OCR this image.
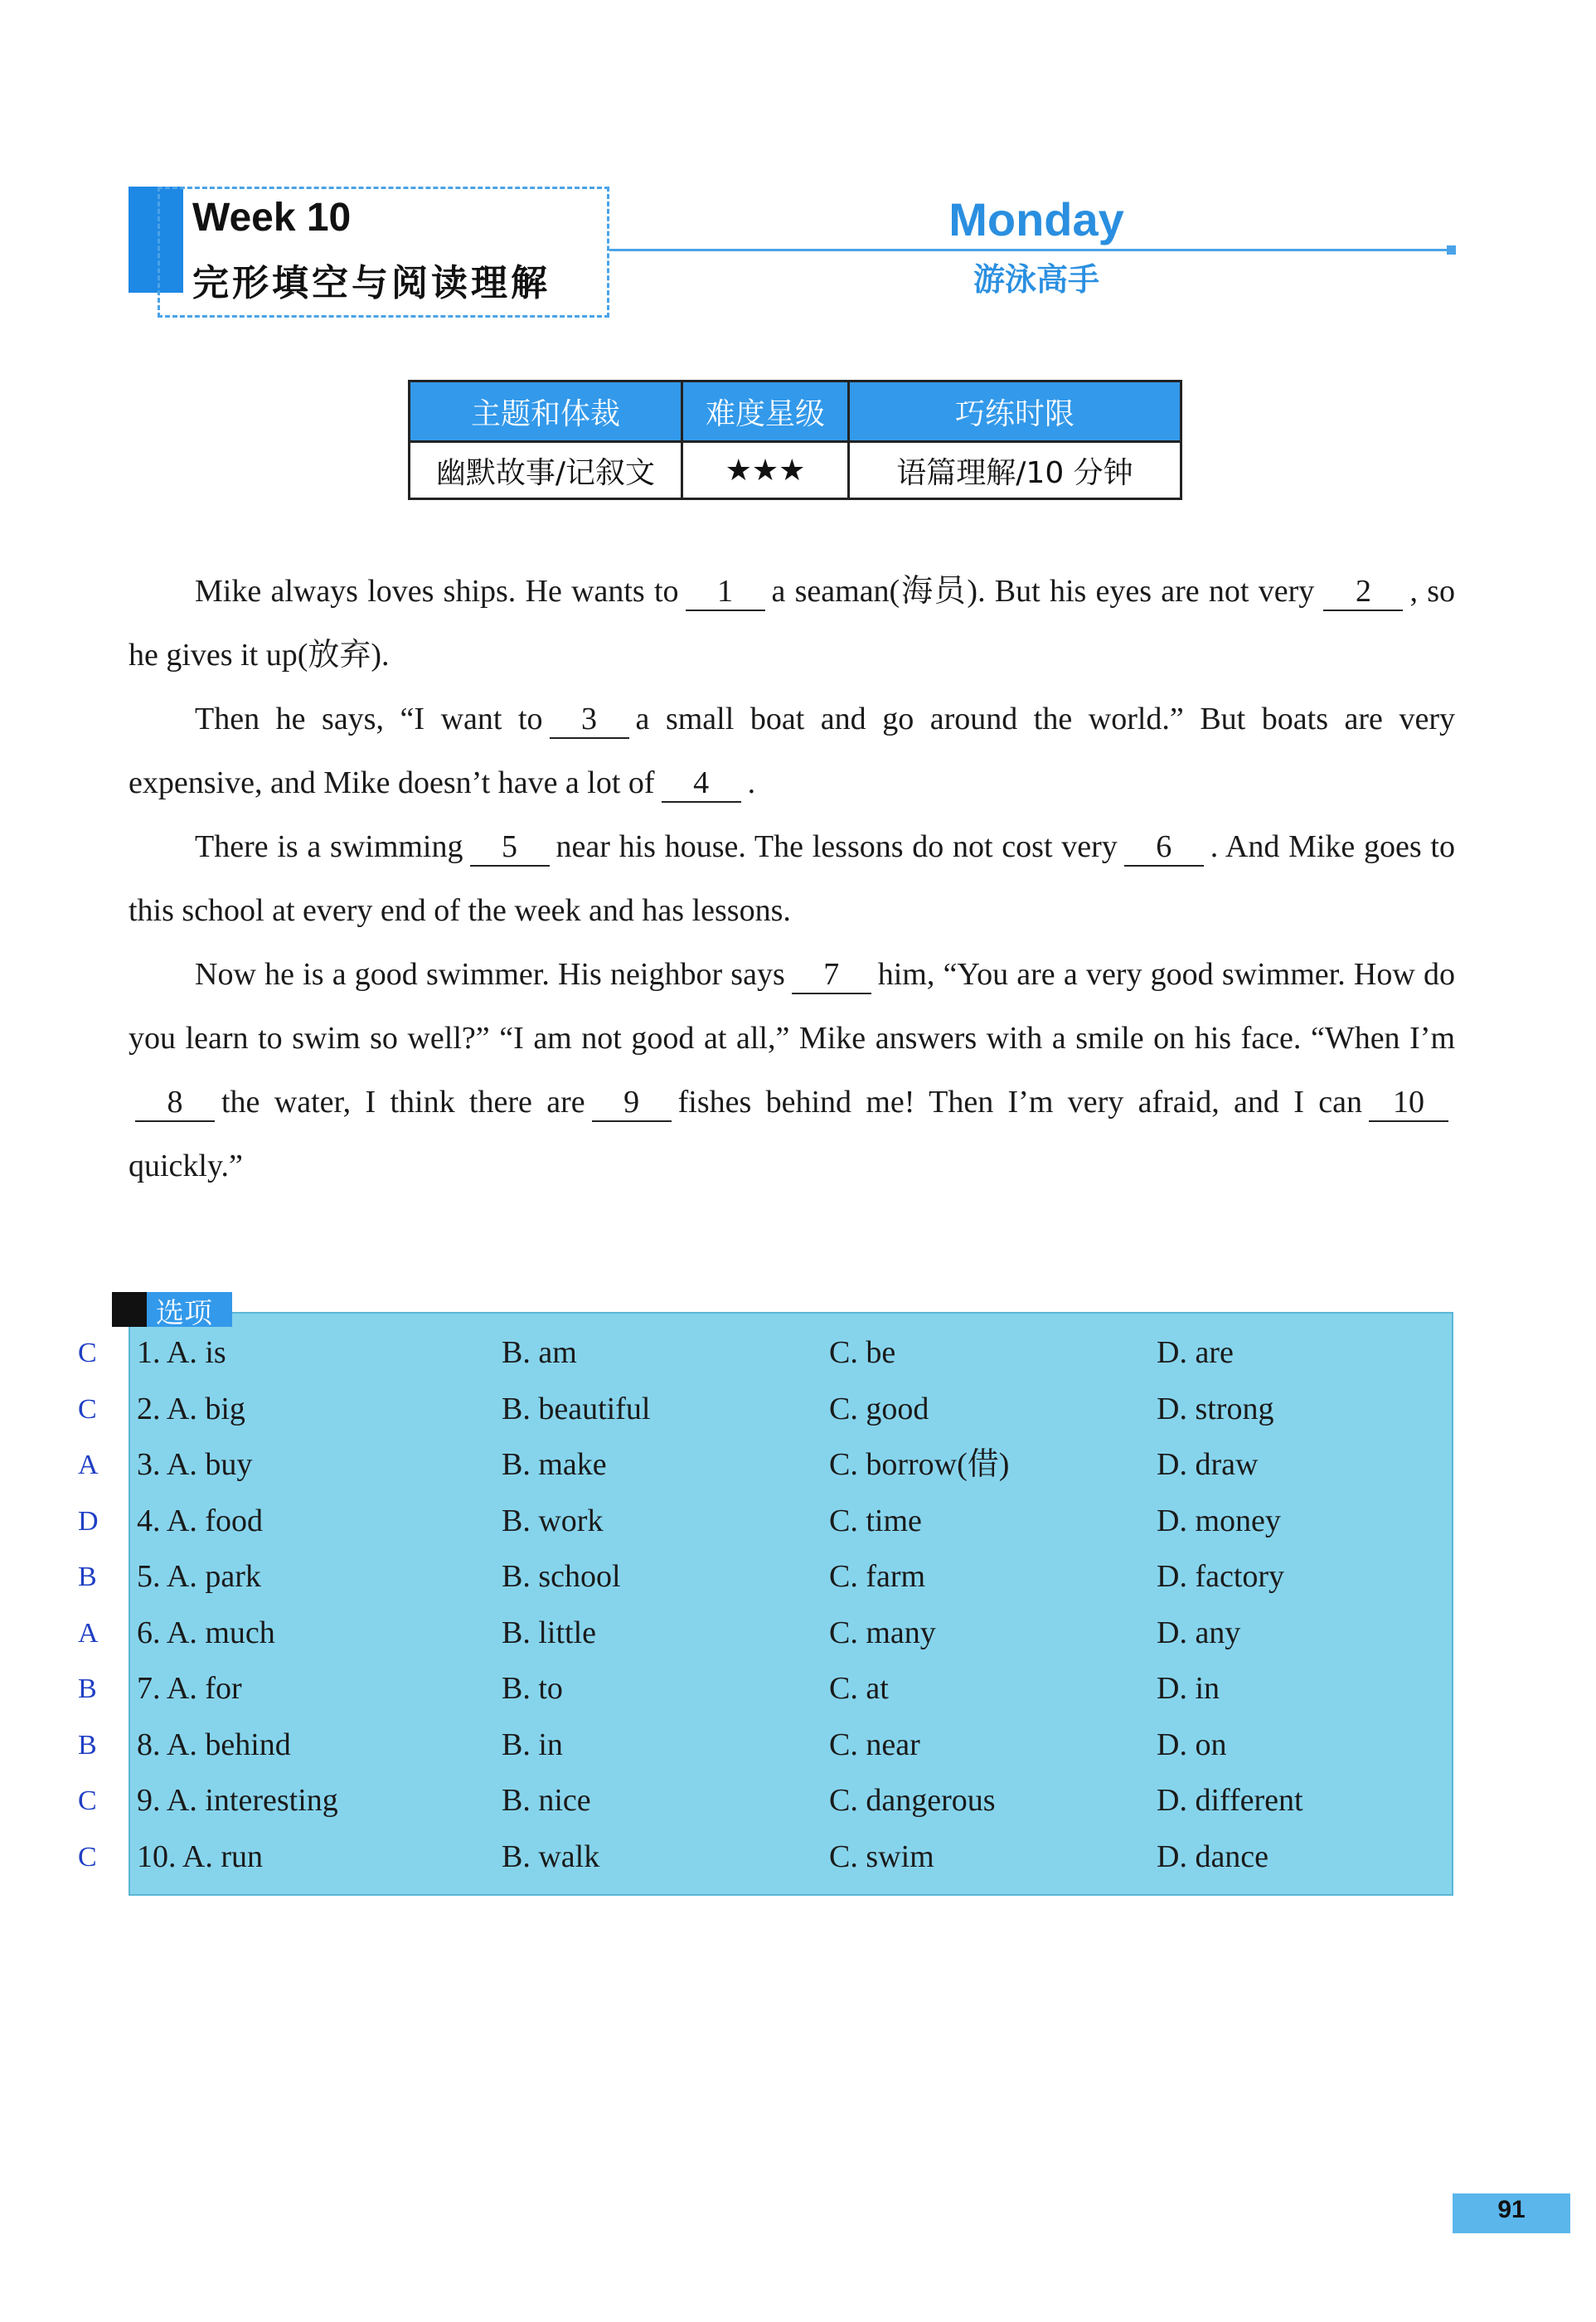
Week 10
完形填空与阅读理解
Monday
游泳高手
主题和体裁	难度星级	巧练时限
幽默故事/记叙文	★★★	语篇理解/10 分钟

Mike always loves ships. He wants to 1 a seaman(海员). But his eyes are not very 2 , so he gives it up(放弃).

Then he says, “I want to 3 a small boat and go around the world.” But boats are very expensive, and Mike doesn’t have a lot of 4 .

There is a swimming 5 near his house. The lessons do not cost very 6 . And Mike goes to this school at every end of the week and has lessons.

Now he is a good swimmer. His neighbor says 7 him, “You are a very good swimmer. How do you learn to swim so well?” “I am not good at all,” Mike answers with a smile on his face. “When I’m8 the water, I think there are 9 fishes behind me! Then I’m very afraid, and I can 10quickly.”

选项
C 1. A. is	B. am	C. be	D. are
C 2. A. big	B. beautiful	C. good	D. strong
A 3. A. buy	B. make	C. borrow(借)	D. draw
D 4. A. food	B. work	C. time	D. money
B 5. A. park	B. school	C. farm	D. factory
A 6. A. much	B. little	C. many	D. any
B 7. A. for	B. to	C. at	D. in
B 8. A. behind	B. in	C. near	D. on
C 9. A. interesting	B. nice	C. dangerous	D. different
C 10. A. run	B. walk	C. swim	D. dance
91
